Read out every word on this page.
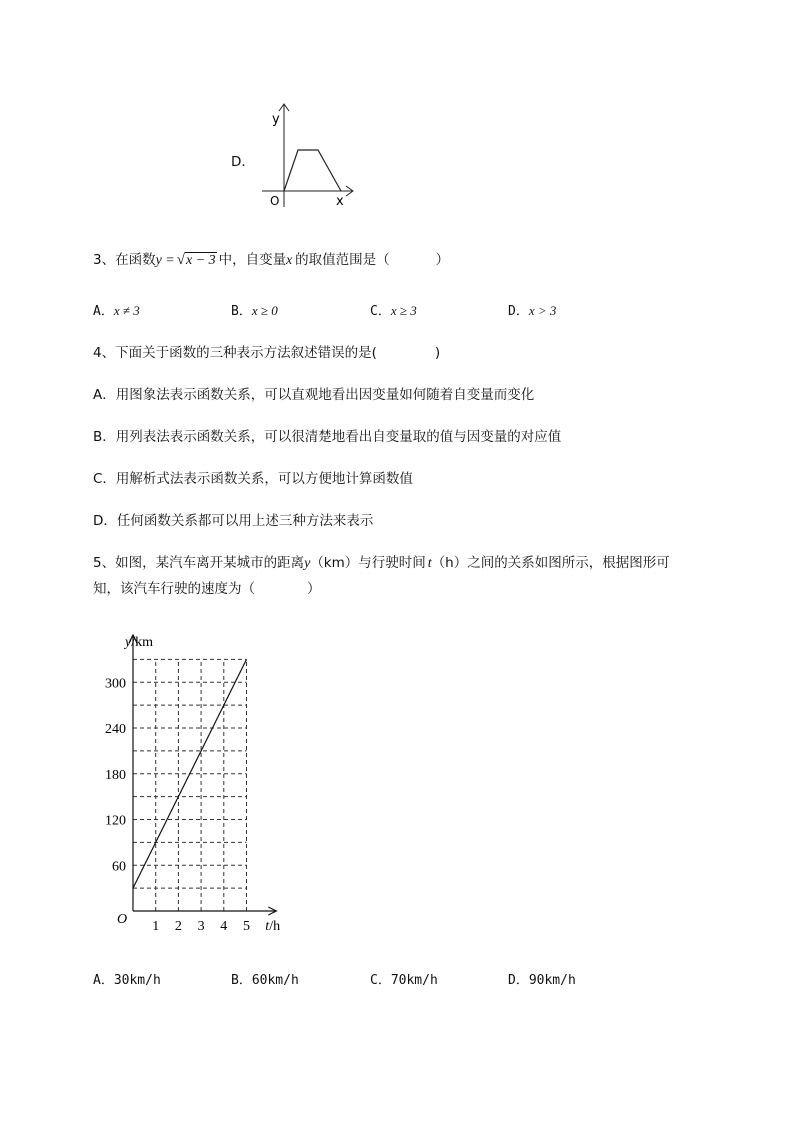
D．
y
x
O
3、在函数y = √x − 3 中，自变量x 的取值范围是（	）
A．x ≠ 3	B．x ≥ 0	C．x ≥ 3	D．x > 3
4、下面关于函数的三种表示方法叙述错误的是(	)
A．用图象法表示函数关系，可以直观地看出因变量如何随着自变量而变化
B．用列表法表示函数关系，可以很清楚地看出自变量取的值与因变量的对应值
C．用解析式法表示函数关系，可以方便地计算函数值
D．任何函数关系都可以用上述三种方法来表示
5、如图，某汽车离开某城市的距离y（km）与行驶时间 t（h）之间的关系如图所示，根据图形可
知，该汽车行驶的速度为（	）
1 2 3 4 5
60
120
180
240
300
y/km
t/h
O
A．30km/h	B．60km/h	C．70km/h	D．90km/h
